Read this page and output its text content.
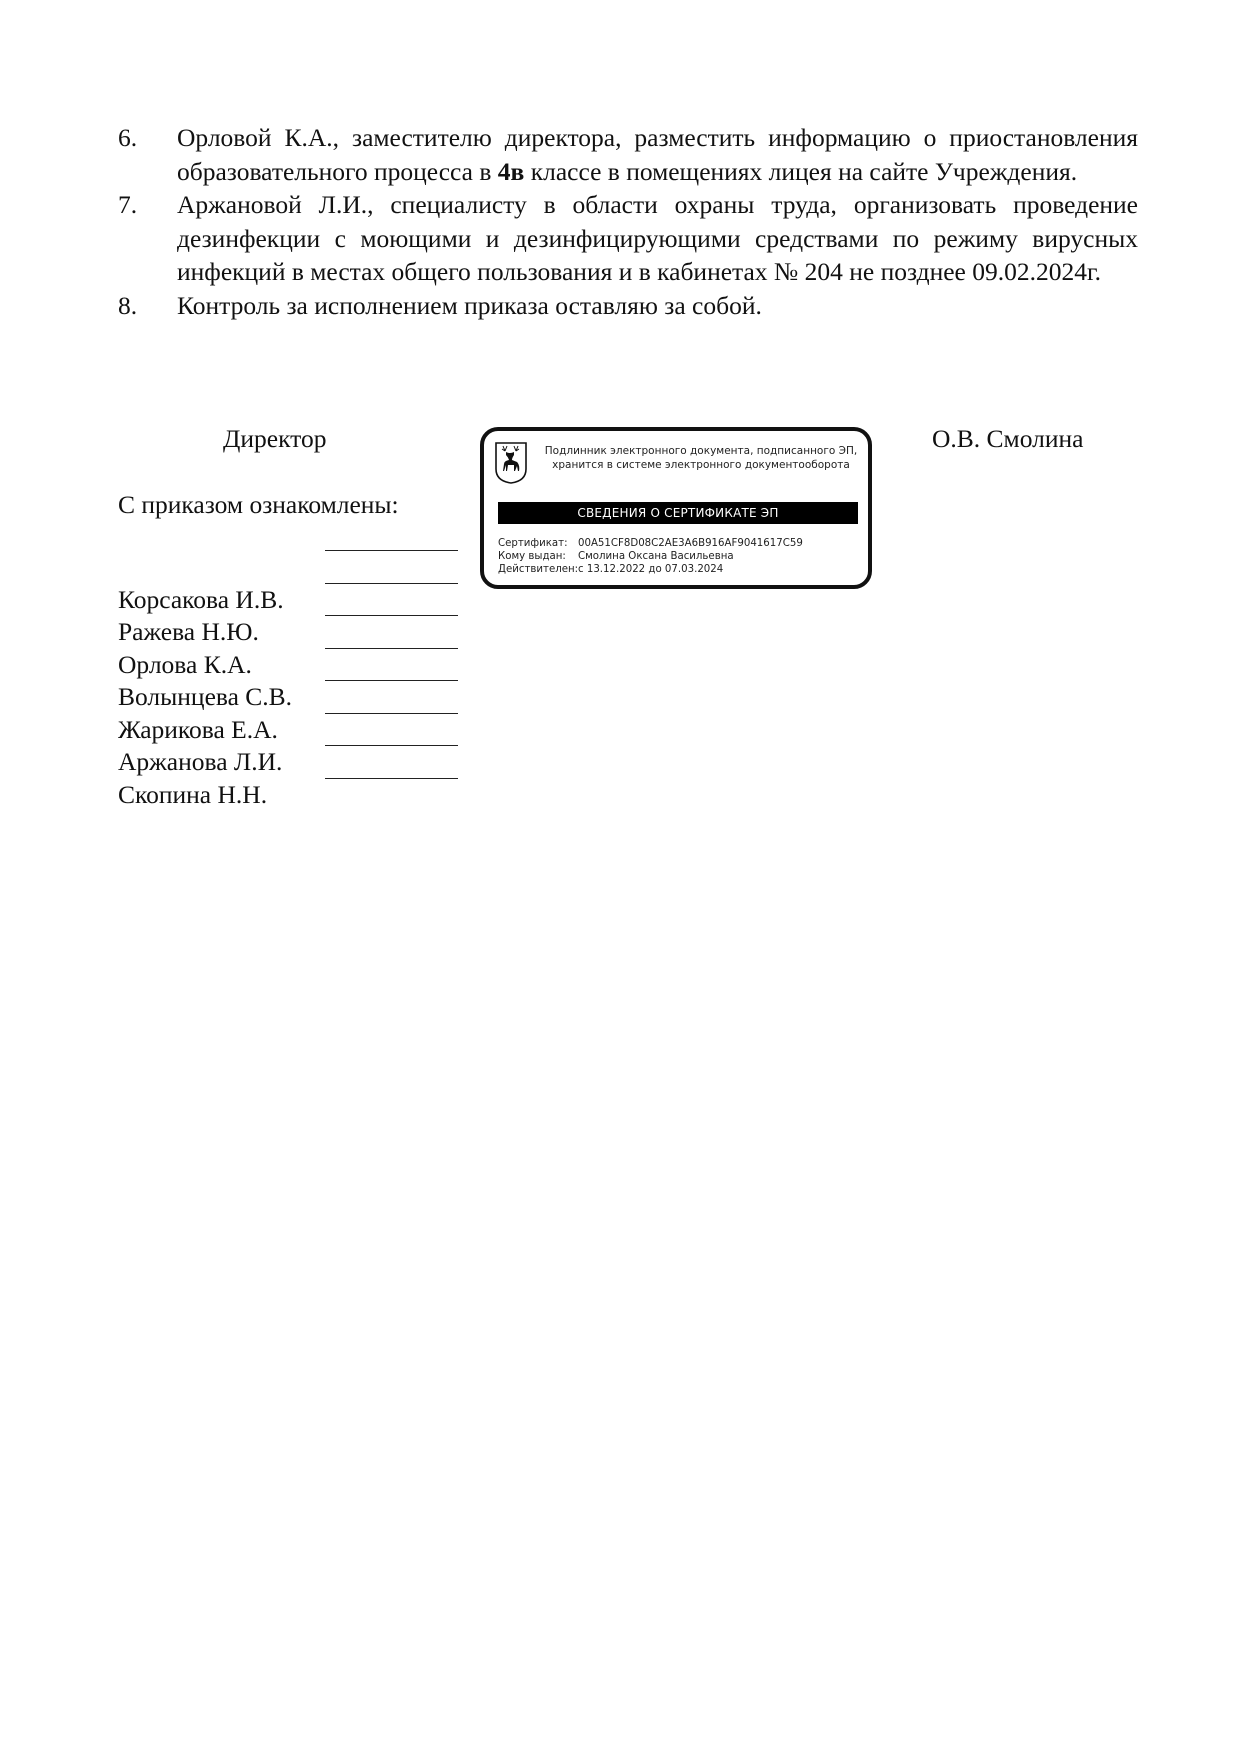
6.	Орловой К.А., заместителю директора, разместить информацию о приостановления образовательного процесса в 4в классе в помещениях лицея на сайте Учреждения.
7.	Аржановой Л.И., специалисту в области охраны труда, организовать проведение дезинфекции с моющими и дезинфицирующими средствами по режиму вирусных инфекций в местах общего пользования и в кабинетах № 204 не позднее 09.02.2024г.
8.	Контроль за исполнением приказа оставляю за собой.
Директор	О.В. Смолина
Подлинник электронного документа, подписанного ЭП,
хранится в системе электронного документооборота
СВЕДЕНИЯ О СЕРТИФИКАТЕ ЭП
Сертификат: 00A51CF8D08C2AE3A6B916AF9041617C59
Кому выдан: Смолина Оксана Васильевна
Действителен:с 13.12.2022 до 07.03.2024
С приказом ознакомлены:
Корсакова И.В.
Ражева Н.Ю.
Орлова К.А.
Волынцева С.В.
Жарикова Е.А.
Аржанова Л.И.
Скопина Н.Н.
